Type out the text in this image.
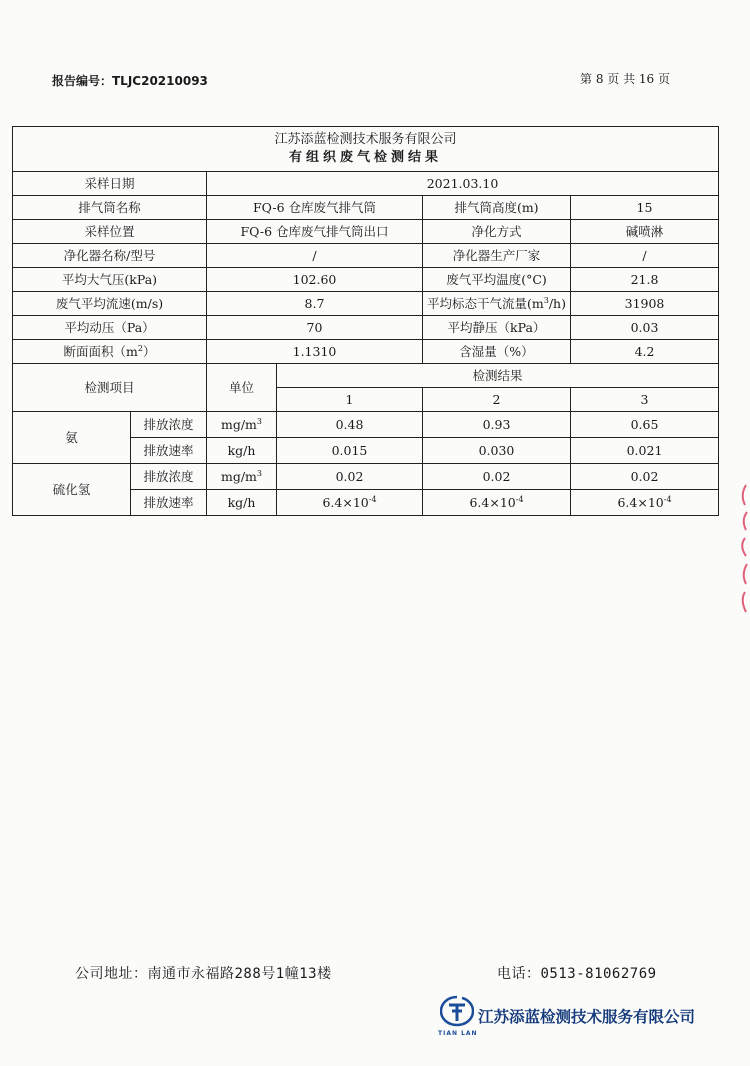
报告编号：TLJC20210093	第 8 页 共 16 页
江苏添蓝检测技术服务有限公司
有组织废气检测结果					

采样日期		2021.03.10			
排气筒名称		FQ-6 仓库废气排气筒		排气筒高度(m)	15
采样位置		FQ-6 仓库废气排气筒出口		净化方式	碱喷淋
净化器名称/型号		/		净化器生产厂家	/
平均大气压(kPa)		102.60		废气平均温度(°C)	21.8
废气平均流速(m/s)		8.7		平均标态干气流量$(m^3/h)$	31908
平均动压（Pa）		70		平均静压（kPa）	0.03
断面面积$(m^2)$		1.1310		含湿量（%）	4.2
检测项目		单位	检测结果		
			1	2	3
氨	排放浓度	$mg/m^3$	0.48	0.93	0.65
	排放速率	kg/h	0.015	0.030	0.021
硫化氢	排放浓度	$mg/m^3$	0.02	0.02	0.02
	排放速率	kg/h	$6.4\times 10^{-4}$	$6.4\times 10^{-4}$	$6.4\times 10^{-4}$
公司地址：南通市永福路288号1幢13楼	电话：0513-81062769
TIAN LAN
江苏添蓝检测技术服务有限公司
